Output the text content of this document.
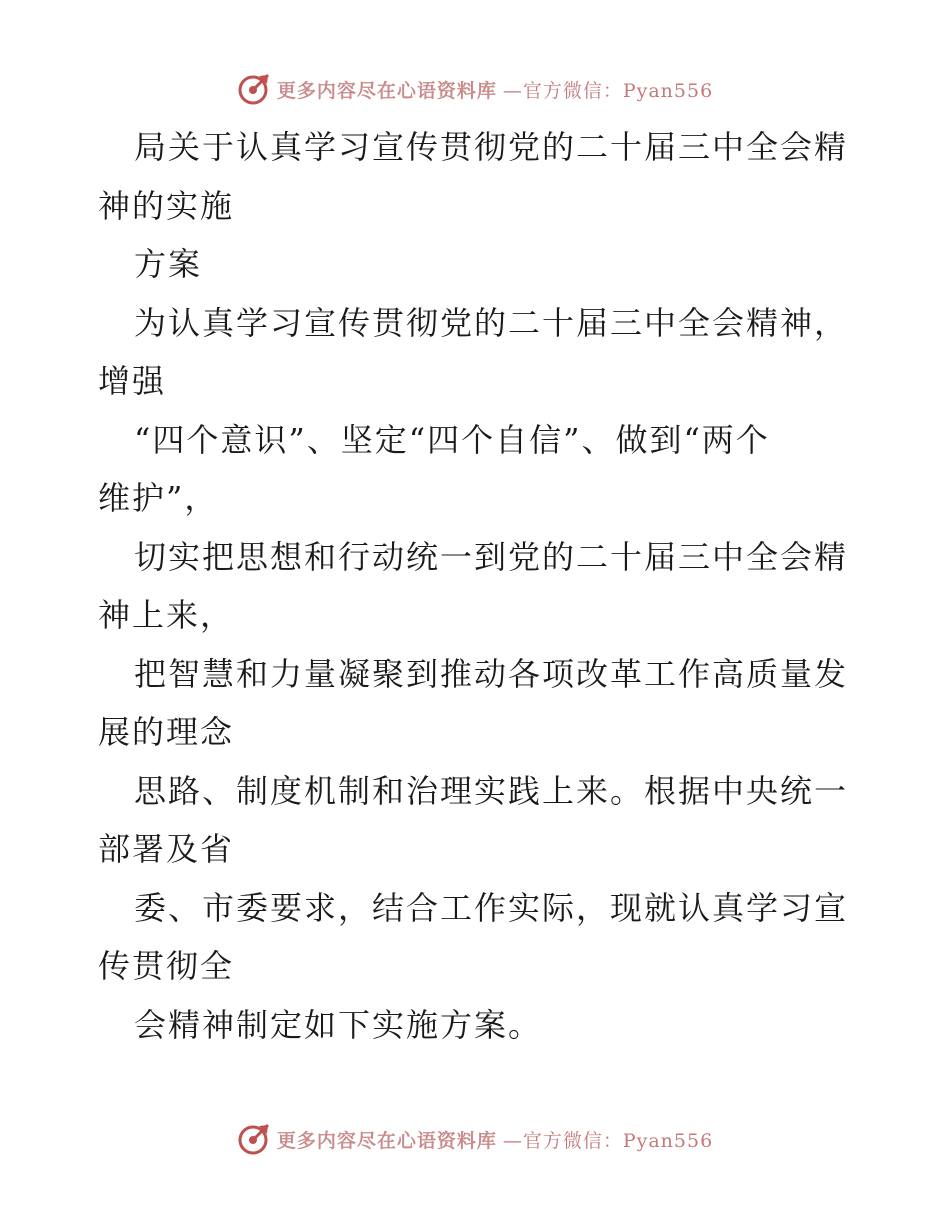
更多内容尽在心语资料库 —官方微信：Pyan556
局关于认真学习宣传贯彻党的二十届三中全会精
神的实施
方案
为认真学习宣传贯彻党的二十届三中全会精神，
增强
“四个意识”、坚定“四个自信”、做到“两个
维护”，
切实把思想和行动统一到党的二十届三中全会精
神上来，
把智慧和力量凝聚到推动各项改革工作高质量发
展的理念
思路、制度机制和治理实践上来。根据中央统一
部署及省
委、市委要求，结合工作实际，现就认真学习宣
传贯彻全
会精神制定如下实施方案。
更多内容尽在心语资料库 —官方微信：Pyan556
